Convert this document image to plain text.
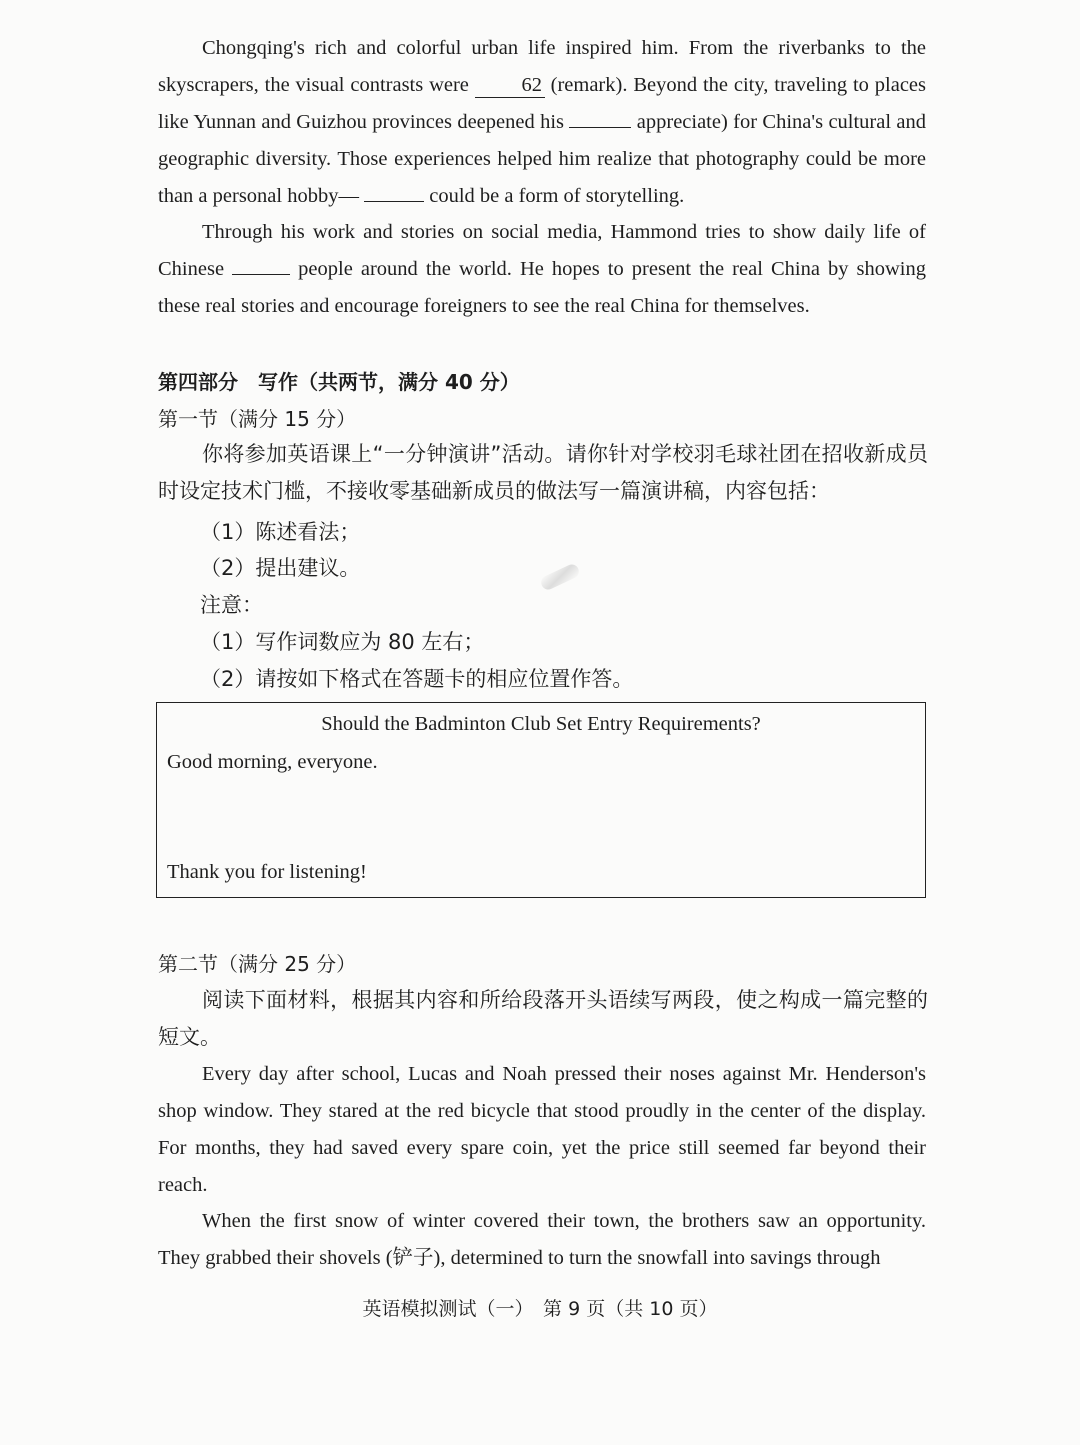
Chongqing's rich and colorful urban life inspired him. From the riverbanks to the skyscrapers, the visual contrasts were	62 (remark). Beyond the city, traveling to places like Yunnan and Guizhou provinces deepened his	appreciate) for China's cultural and geographic diversity. Those experiences helped him realize that photography could be more than a personal hobby—	could be a form of storytelling.
Through his work and stories on social media, Hammond tries to show daily life of Chinese	people around the world. He hopes to present the real China by showing these real stories and encourage foreigners to see the real China for themselves.
第四部分　写作（共两节，满分 40 分）
第一节（满分 15 分）
你将参加英语课上“一分钟演讲”活动。请你针对学校羽毛球社团在招收新成员时设定技术门槛，不接收零基础新成员的做法写一篇演讲稿，内容包括：
（1）陈述看法；
（2）提出建议。
注意：
（1）写作词数应为 80 左右；
（2）请按如下格式在答题卡的相应位置作答。
Should the Badminton Club Set Entry Requirements?
Good morning, everyone.
Thank you for listening!
第二节（满分 25 分）
阅读下面材料，根据其内容和所给段落开头语续写两段，使之构成一篇完整的短文。
Every day after school, Lucas and Noah pressed their noses against Mr. Henderson's shop window. They stared at the red bicycle that stood proudly in the center of the display. For months, they had saved every spare coin, yet the price still seemed far beyond their reach.
When the first snow of winter covered their town, the brothers saw an opportunity. They grabbed their shovels (铲子), determined to turn the snowfall into savings through
英语模拟测试（一）　第 9 页（共 10 页）
